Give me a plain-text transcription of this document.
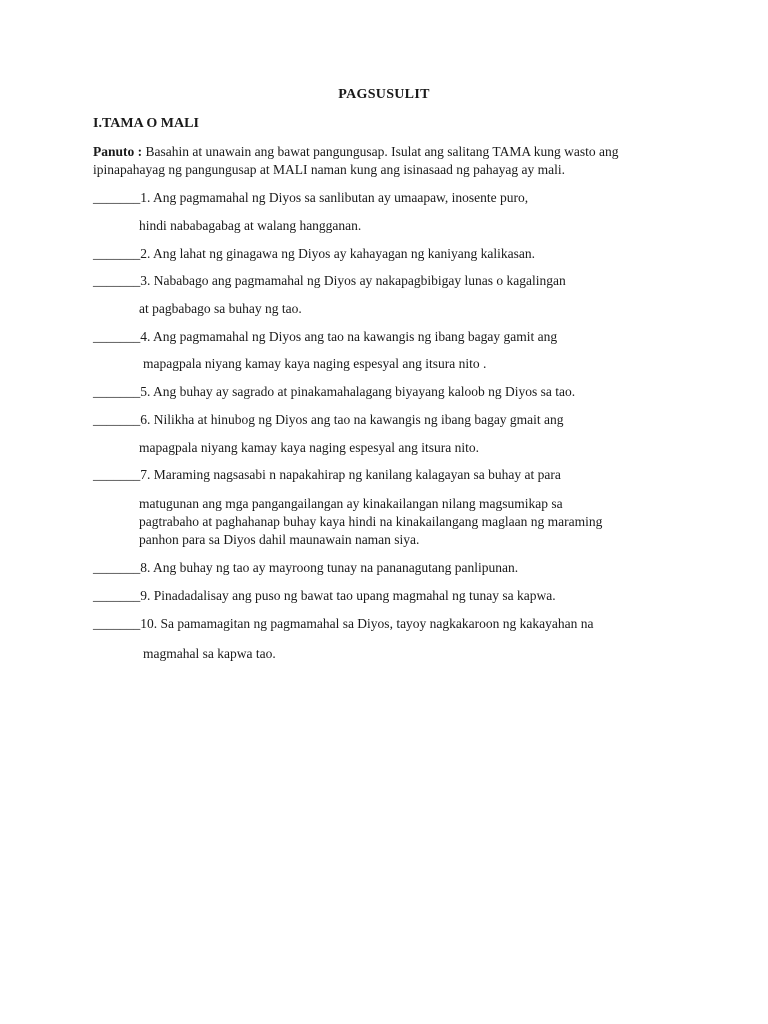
PAGSUSULIT
I.TAMA O MALI
Panuto : Basahin at unawain ang bawat pangungusap. Isulat ang salitang TAMA kung wasto ang ipinapahayag ng pangungusap at MALI naman kung ang isinasaad ng pahayag ay mali.
_______1. Ang pagmamahal ng Diyos sa sanlibutan ay umaapaw, inosente puro,
hindi nababagabag at walang hangganan.
_______2. Ang lahat ng ginagawa ng Diyos ay kahayagan ng kaniyang kalikasan.
_______3. Nababago ang pagmamahal ng Diyos ay nakapagbibigay lunas o kagalingan
at pagbabago sa buhay ng tao.
_______4. Ang pagmamahal ng Diyos ang tao na kawangis ng ibang bagay gamit ang
mapagpala niyang kamay kaya naging espesyal ang itsura nito .
_______5. Ang buhay ay sagrado at pinakamahalagang biyayang kaloob ng Diyos sa tao.
_______6. Nilikha at hinubog ng Diyos ang tao na kawangis ng ibang bagay gmait ang
mapagpala niyang kamay kaya naging espesyal ang itsura nito.
_______7. Maraming nagsasabi n napakahirap ng kanilang kalagayan sa buhay at para
matugunan ang mga pangangailangan ay kinakailangan nilang magsumikap sa
pagtrabaho at paghahanap buhay kaya hindi na kinakailangang maglaan ng maraming
panhon para sa Diyos dahil maunawain naman siya.
_______8. Ang buhay ng tao ay mayroong tunay na pananagutang panlipunan.
_______9. Pinadadalisay ang puso ng bawat tao upang magmahal ng tunay sa kapwa.
_______10. Sa pamamagitan ng pagmamahal sa Diyos, tayoy nagkakaroon ng kakayahan na
magmahal sa kapwa tao.
